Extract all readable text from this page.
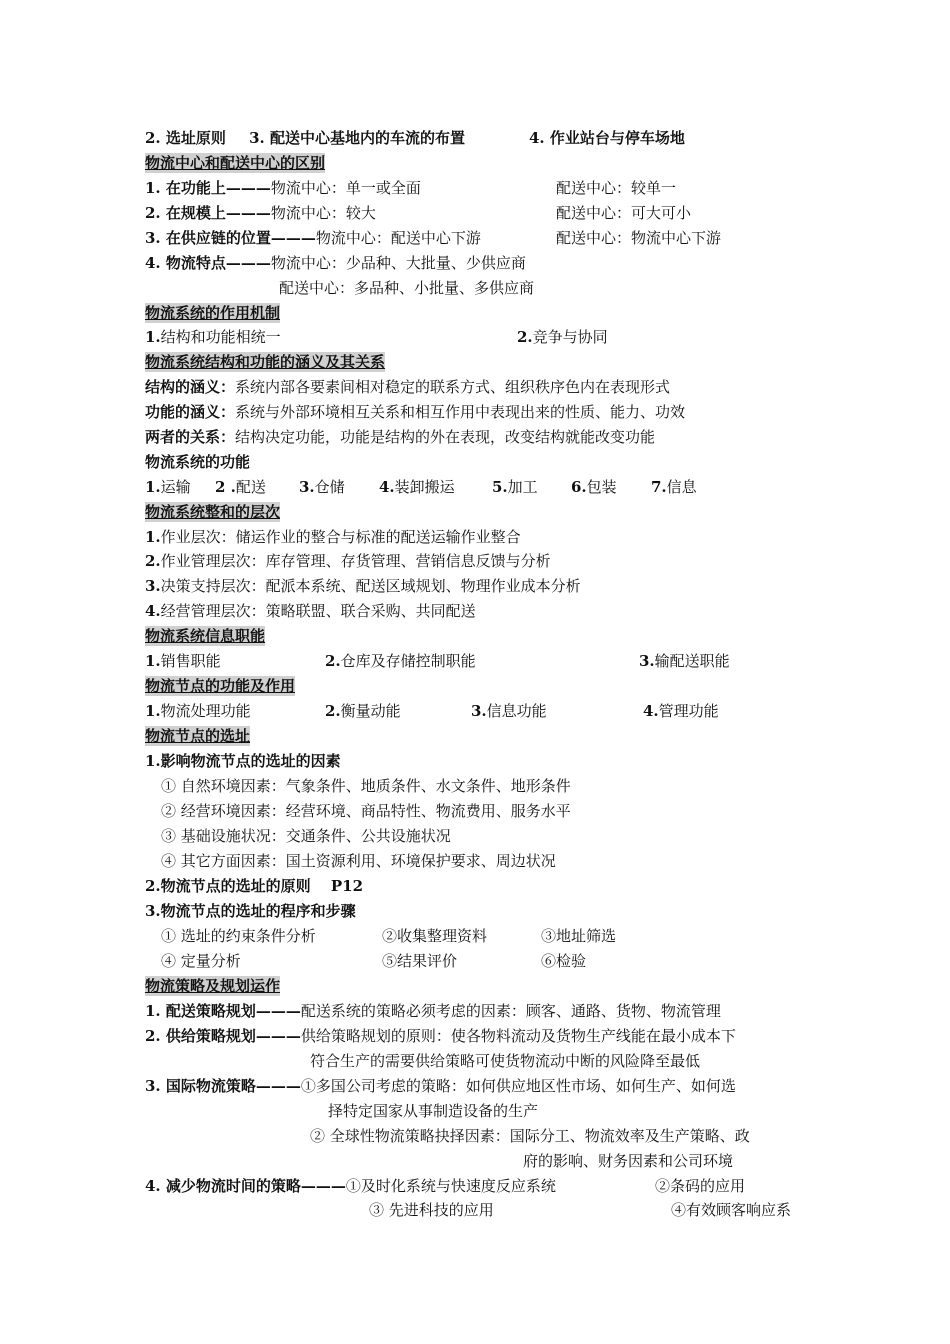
2. 选址原则 3. 配送中心基地内的车流的布置	4. 作业站台与停车场地
物流中心和配送中心的区别
1. 在功能上———物流中心：单一或全面	配送中心：较单一
2. 在规模上———物流中心：较大	配送中心：可大可小
3. 在供应链的位置———物流中心：配送中心下游	配送中心：物流中心下游
4. 物流特点———物流中心：少品种、大批量、少供应商
配送中心：多品种、小批量、多供应商
物流系统的作用机制
1.结构和功能相统一	2.竞争与协同
物流系统结构和功能的涵义及其关系
结构的涵义：系统内部各要素间相对稳定的联系方式、组织秩序色内在表现形式
功能的涵义：系统与外部环境相互关系和相互作用中表现出来的性质、能力、功效
两者的关系：结构决定功能，功能是结构的外在表现，改变结构就能改变功能
物流系统的功能
1.运输 2 .配送 3.仓储 4.装卸搬运 5.加工 6.包装 7.信息
物流系统整和的层次
1.作业层次：储运作业的整合与标准的配送运输作业整合
2.作业管理层次：库存管理、存货管理、营销信息反馈与分析
3.决策支持层次：配派本系统、配送区域规划、物理作业成本分析
4.经营管理层次：策略联盟、联合采购、共同配送
物流系统信息职能
1.销售职能	2.仓库及存储控制职能	3.输配送职能
物流节点的功能及作用
1.物流处理功能	2.衡量动能	3.信息功能	4.管理功能
物流节点的选址
1.影响物流节点的选址的因素
① 自然环境因素：气象条件、地质条件、水文条件、地形条件
② 经营环境因素：经营环境、商品特性、物流费用、服务水平
③ 基础设施状况：交通条件、公共设施状况
④ 其它方面因素：国土资源利用、环境保护要求、周边状况
2.物流节点的选址的原则　 P12
3.物流节点的选址的程序和步骤
① 选址的约束条件分析	②收集整理资料	③地址筛选
④ 定量分析	⑤结果评价	⑥检验
物流策略及规划运作
1. 配送策略规划———配送系统的策略必须考虑的因素：顾客、通路、货物、物流管理
2. 供给策略规划———供给策略规划的原则：使各物料流动及货物生产线能在最小成本下
符合生产的需要供给策略可使货物流动中断的风险降至最低
3. 国际物流策略———①多国公司考虑的策略：如何供应地区性市场、如何生产、如何选
择特定国家从事制造设备的生产
② 全球性物流策略抉择因素：国际分工、物流效率及生产策略、政
府的影响、财务因素和公司环境
4. 减少物流时间的策略———①及时化系统与快速度反应系统	②条码的应用
③ 先进科技的应用	④有效顾客响应系
